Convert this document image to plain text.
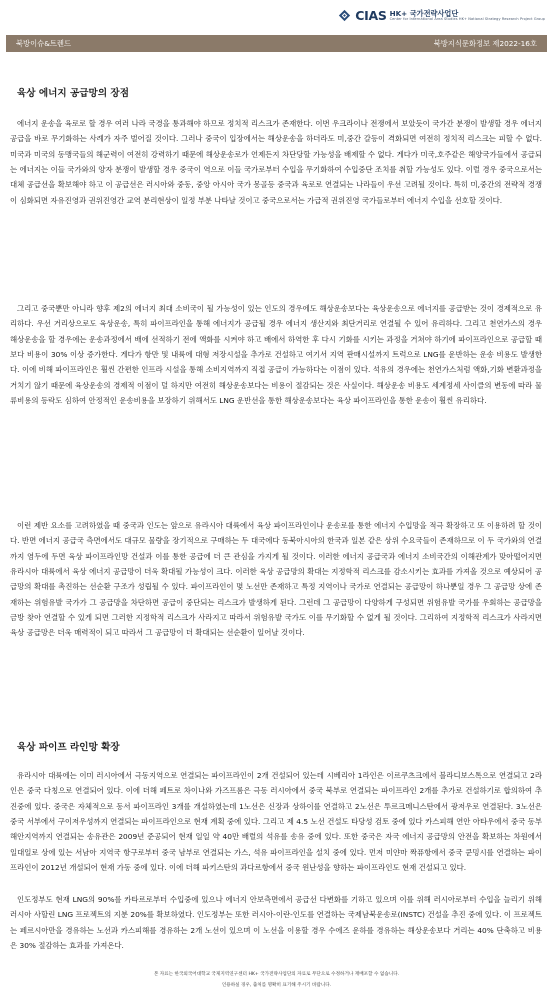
CIAS HK+ 국가전략사업단
Center for International Area Studies HK+ National Strategy Research Project Group
북방이슈&트렌드	북방지식문화정보 제2022-16호
육상 에너지 공급망의 장점

에너지 운송을 육로로 할 경우 여러 나라 국경을 통과해야 하므로 정치적 리스크가 존재한다. 이번 우크라이나 전쟁에서 보았듯이 국가간 분쟁이 발생할 경우 에너지 공급을 바로 무기화하는 사례가 자주 벌어질 것이다. 그러나 중국이 입장에서는 해상운송을 하더라도 미,중간 갈등이 격화되면 여전히 정치적 리스크는 피할 수 없다. 미국과 미국의 동맹국들의 해군력이 여전히 강력하기 때문에 해상운송로가 언제든지 차단당할 가능성을 배제할 수 없다. 게다가 미국,호주같은 해양국가들에서 공급되는 에너지는 이들 국가와의 양자 분쟁이 발생할 경우 중국이 역으로 이들 국가로부터 수입을 무기화하여 수입중단 조치를 취할 가능성도 있다. 이럴 경우 중국으로서는 대체 공급선을 확보해야 하고 이 공급선은 러시아와 중동, 중앙 아시아 국가 몽골등 중국과 육로로 연결되는 나라들이 우선 고려될 것이다. 특히 미,중간의 전략적 경쟁이 심화되면 자유진영과 권위진영간 교역 분리현상이 일정 부분 나타날 것이고 중국으로서는 가급적 권위진영 국가들로부터 에너지 수입을 선호할 것이다.

그리고 중국뿐만 아니라 향후 제2의 에너지 최대 소비국이 될 가능성이 있는 인도의 경우에도 해상운송보다는 육상운송으로 에너지를 공급받는 것이 경제적으로 유리하다. 우선 거리상으로도 육상운송, 특히 파이프라인을 통해 에너지가 공급될 경우 에너지 생산지와 최단거리로 연결될 수 있어 유리하다. 그리고 천연가스의 경우 해상운송을 할 경우에는 운송과정에서 배에 선적하기 전에 액화를 시켜야 하고 배에서 하역한 후 다시 기화를 시키는 과정을 거쳐야 하기에 파이프라인으로 공급할 때보다 비용이 30% 이상 증가한다. 게다가 항만 및 내륙에 대형 저장시설을 추가로 건설하고 여기서 지역 판매시설까지 트럭으로 LNG를 운반하는 운송 비용도 발생한다. 이에 비해 파이프라인은 훨씬 간편한 인프라 시설을 통해 소비지역까지 직접 공급이 가능하다는 이점이 있다. 석유의 경우에는 천연가스처럼 액화,기화 변환과정을 거치기 않기 때문에 육상운송의 경제적 이점이 덜 하지만 여전히 해상운송보다는 비용이 절감되는 것은 사실이다. 해상운송 비용도 세계정세 사이클의 변동에 따라 물류비용의 등락도 심하여 안정적인 운송비용을 보장하기 위해서도 LNG 운반선을 통한 해상운송보다는 육상 파이프라인을 통한 운송이 훨씬 유리하다.

이런 제반 요소를 고려하였을 때 중국과 인도는 앞으로 유라시아 대륙에서 육상 파이프라인이나 운송로를 통한 에너지 수입망을 적극 확장하고 또 이용하려 할 것이다. 반면 에너지 공급국 측면에서도 대규모 물량을 장기적으로 구매하는 두 대국에다 동북아시아의 한국과 일본 같은 상위 수요국들이 존재하므로 이 두 국가와의 연결까지 염두에 두면 육상 파이프라인망 건설과 이를 통한 공급에 더 큰 관심을 가지게 될 것이다. 이러한 에너지 공급국과 에너지 소비국간의 이해관계가 맞아떨어지면 유라시아 대륙에서 육상 에너지 공급망이 더욱 확대될 가능성이 크다. 이러한 육상 공급망의 확대는 지정학적 리스크를 감소시키는 효과를 가져올 것으로 예상되어 공급망의 확대를 촉진하는 선순환 구조가 성립될 수 있다. 파이프라인이 몇 노선만 존재하고 특정 지역이나 국가로 연결되는 공급망이 하나뿐일 경우 그 공급망 상에 존재하는 위험유발 국가가 그 공급망을 차단하면 공급이 중단되는 리스크가 발생하게 된다. 그런데 그 공급망이 다양하게 구성되면 위험유발 국가를 우회하는 공급망을 금방 찾아 연결할 수 있게 되면 그러한 지정학적 리스크가 사라지고 따라서 위험유발 국가도 이를 무기화할 수 없게 될 것이다. 그리하여 지정학적 리스크가 사라지면 육상 공급망은 더욱 매력적이 되고 따라서 그 공급망이 더 확대되는 선순환이 일어날 것이다.

육상 파이프 라인망 확장

유라시아 대륙에는 이미 러시아에서 극동지역으로 연결되는 파이프라인이 2개 건설되어 있는데 시베리아 1라인은 이르쿠츠크에서 블라디보스톡으로 연결되고 2라인은 중국 다칭으로 연결되어 있다. 이에 더해 페트로 차이나와 가즈프롬은 극동 러시아에서 중국 북부로 연결되는 파이프라인 2개를 추가로 건설하기로 합의하여 추진중에 있다. 중국은 자체적으로 동서 파이프라인 3개를 개설하였는데 1노선은 신장과 상하이를 연결하고 2노선은 투르크메니스탄에서 광저우로 연결된다. 3노선은 중국 서부에서 구이저우성까지 연결되는 파이프라인으로 현재 계획 중에 있다. 그리고 제 4.5 노선 건설도 타당성 검토 중에 있다 카스피해 연안 아타우에서 중국 동부 해안지역까지 연결되는 송유관은 2009년 준공되어 현재 일일 약 40만 배럴의 석유를 송유 중에 있다. 또한 중국은 자국 에너지 공급망의 안전을 확보하는 차원에서 일대일로 상에 있는 서남아 지역국 항구로부터 중국 남부로 연결되는 가스, 석유 파이프라인을 설치 중에 있다. 먼저 미얀마 짝퓨항에서 중국 쿤밍시를 연결하는 파이프라인이 2012년 개설되어 현재 가동 중에 있다. 이에 더해 파키스탄의 과다르항에서 중국 윈난성을 향하는 파이프라인도 현재 건설되고 있다.

인도정부도 현재 LNG의 90%를 카타르로부터 수입중에 있으나 에너지 안보측면에서 공급선 다변화를 기하고 있으며 이를 위해 러시아로부터 수입을 늘리기 위해 러시아 사할린 LNG 프로젝트의 지분 20%를 확보하였다. 인도정부는 또한 러시아-이란-인도를 연결하는 국제남북운송로(INSTC) 건설을 추진 중에 있다. 이 프로젝트는 페르시아만을 경유하는 노선과 카스피해를 경유하는 2개 노선이 있으며 이 노선을 이용할 경우 수에즈 운하를 경유하는 해상운송보다 거리는 40% 단축하고 비용은 30% 절감하는 효과를 가져온다.

본 자료는 한국외국어대학교 국제지역연구센터 HK+ 국가전략사업단의 자료로 무단으로 수정하거나 재배포할 수 없습니다.
인용하실 경우, 출처를 명확히 표기해 주시기 바랍니다.
